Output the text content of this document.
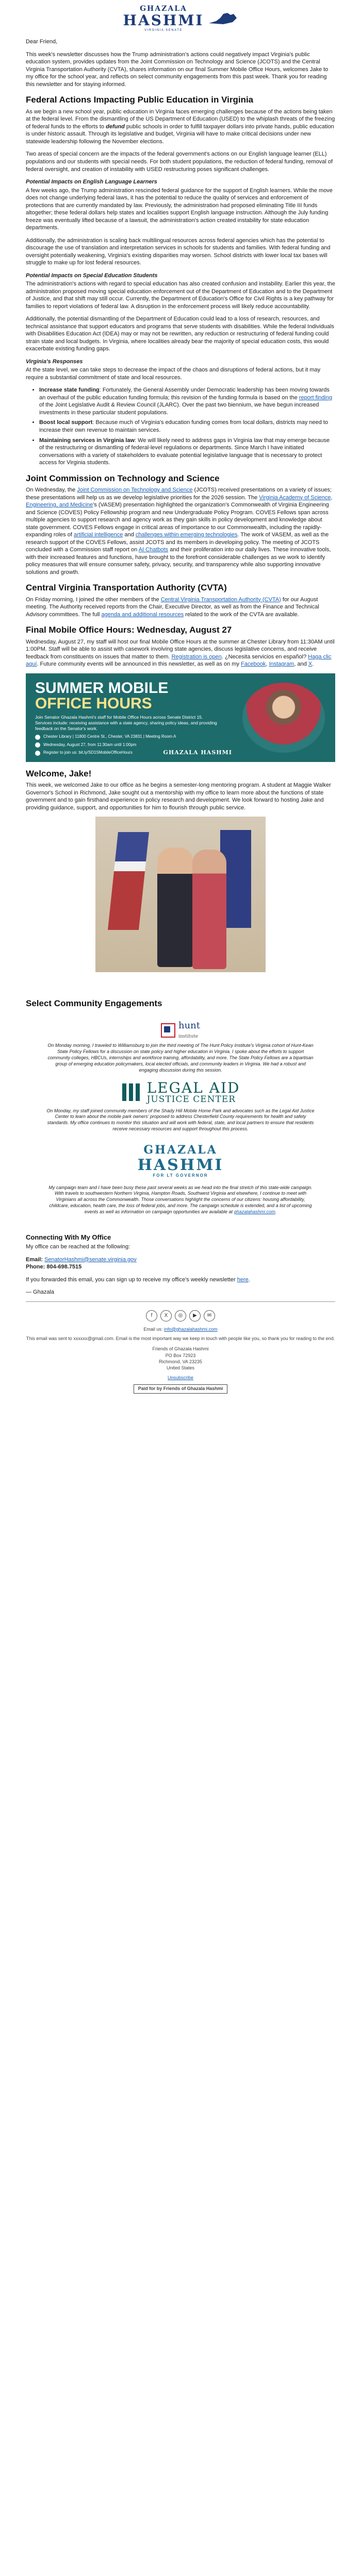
GHAZALA
HASHMI
VIRGINIA SENATE

Dear Friend,

This week's newsletter discusses how the Trump administration's actions could negatively impact Virginia's public education system, provides updates from the Joint Commission on Technology and Science (JCOTS) and the Central Virginia Transportation Authority (CVTA), shares information on our final Summer Mobile Office Hours, welcomes Jake to my office for the school year, and reflects on select community engagements from this past week. Thank you for reading this newsletter and for staying informed.

Federal Actions Impacting Public Education in Virginia

As we begin a new school year, public education in Virginia faces emerging challenges because of the actions being taken at the federal level. From the dismantling of the US Department of Education (USED) to the whiplash threats of the freezing of federal funds to the efforts to defund public schools in order to fulfill taxpayer dollars into private hands, public education is under historic assault. Through its legislative and budget, Virginia will have to make critical decisions under new statewide leadership following the November elections.

Two areas of special concern are the impacts of the federal government's actions on our English language learner (ELL) populations and our students with special needs. For both student populations, the reduction of federal funding, removal of federal oversight, and creation of instability with USED restructuring poses significant challenges.

Potential Impacts on English Language Learners

A few weeks ago, the Trump administration rescinded federal guidance for the support of English learners. While the move does not change underlying federal laws, it has the potential to reduce the quality of services and enforcement of protections that are currently mandated by law. Previously, the administration had proposed eliminating Title III funds altogether; these federal dollars help states and localities support English language instruction. Although the July funding freeze was eventually lifted because of a lawsuit, the administration's action created instability for state education departments.

Additionally, the administration is scaling back multilingual resources across federal agencies which has the potential to discourage the use of translation and interpretation services in schools for students and families. With federal funding and oversight potentially weakening, Virginia's existing disparities may worsen. School districts with lower local tax bases will struggle to make up for lost federal resources.

Potential Impacts on Special Education Students

The administration's actions with regard to special education has also created confusion and instability. Earlier this year, the administration proposed moving special education enforcement out of the Department of Education and to the Department of Justice, and that shift may still occur. Currently, the Department of Education's Office for Civil Rights is a key pathway for families to report violations of federal law. A disruption in the enforcement process will likely reduce accountability.

Additionally, the potential dismantling of the Department of Education could lead to a loss of research, resources, and technical assistance that support educators and programs that serve students with disabilities. While the federal Individuals with Disabilities Education Act (IDEA) may or may not be rewritten, any reduction or restructuring of federal funding could strain state and local budgets. In Virginia, where localities already bear the majority of special education costs, this would exacerbate existing funding gaps.

Virginia's Responses

At the state level, we can take steps to decrease the impact of the chaos and disruptions of federal actions, but it may require a substantial commitment of state and local resources.

• Increase state funding: Fortunately, the General Assembly under Democratic leadership has been moving towards an overhaul of the public education funding formula; this revision of the funding formula is based on the report finding of the Joint Legislative Audit & Review Council (JLARC). Over the past two biennium, we have begun increased investments in these particular student populations.
• Boost local support: Because much of Virginia's education funding comes from local dollars, districts may need to increase their own revenue to maintain services.
• Maintaining services in Virginia law: We will likely need to address gaps in Virginia law that may emerge because of the restructuring or dismantling of federal-level regulations or departments. Since March I have initiated conversations with a variety of stakeholders to evaluate potential legislative language that is necessary to protect access for Virginia students.
Joint Commission on Technology and Science

On Wednesday, the Joint Commission on Technology and Science (JCOTS) received presentations on a variety of issues; these presentations will help us as we develop legislative priorities for the 2026 session. The Virginia Academy of Science, Engineering, and Medicine's (VASEM) presentation highlighted the organization's Commonwealth of Virginia Engineering and Science (COVES) Policy Fellowship program and new Undergraduate Policy Program. COVES Fellows span across multiple agencies to support research and agency work as they gain skills in policy development and knowledge about state government. COVES Fellows engage in critical areas of importance to our Commonwealth, including the rapidly-expanding roles of artificial intelligence and challenges within emerging technologies. The work of VASEM, as well as the research support of the COVES Fellows, assist JCOTS and its members in developing policy. The meeting of JCOTS concluded with a Commission staff report on AI Chatbots and their proliferation into our daily lives. These innovative tools, with their increased features and functions, have brought to the forefront considerable challenges as we work to identify policy measures that will ensure consumer safety, privacy, security, and transparency while also supporting innovative solutions and growth.

Central Virginia Transportation Authority (CVTA)

On Friday morning, I joined the other members of the Central Virginia Transportation Authority (CVTA) for our August meeting. The Authority received reports from the Chair, Executive Director, as well as from the Finance and Technical Advisory committees. The full agenda and additional resources related to the work of the CVTA are available.

Final Mobile Office Hours: Wednesday, August 27

Wednesday, August 27, my staff will host our final Mobile Office Hours at the summer at Chester Library from 11:30AM until 1:00PM. Staff will be able to assist with casework involving state agencies, discuss legislative concerns, and receive feedback from constituents on issues that matter to them. Registration is open. ¿Necesita servicios en español? Haga clic aquí. Future community events will be announced in this newsletter, as well as on my Facebook, Instagram, and X.

SUMMER MOBILE
OFFICE HOURS
Join Senator Ghazala Hashmi's staff for Mobile Office Hours across Senate District 15. Services include: receiving assistance with a state agency, sharing policy ideas, and providing feedback on the Senator's work.
Chester Library | 11800 Centre St., Chester, VA 23831 | Meeting Room A
Wednesday, August 27, from 11:30am until 1:00pm
Register to join us: bit.ly/SD15MobileOfficeHours	GHAZALA HASHMI
Welcome, Jake!

This week, we welcomed Jake to our office as he begins a semester-long mentoring program. A student at Maggie Walker Governor's School in Richmond, Jake sought out a mentorship with my office to learn more about the functions of state government and to gain firsthand experience in policy research and development. We look forward to hosting Jake and providing guidance, support, and opportunities for him to flourish through public service.

Select Community Engagements
hunt
institute

On Monday morning, I traveled to Williamsburg to join the third meeting of The Hunt Policy Institute's Virginia cohort of Hunt-Kean State Policy Fellows for a discussion on state policy and higher education in Virginia. I spoke about the efforts to support community colleges, HBCUs, internships and workforce training, affordability, and more. The State Policy Fellows are a bipartisan group of emerging education policymakers, local elected officials, and community leaders in Virginia. We had a robust and engaging discussion during this session.

LEGAL AID
JUSTICE CENTER

On Monday, my staff joined community members of the Shady Hill Mobile Home Park and advocates such as the Legal Aid Justice Center to learn about the mobile park owners' proposed to address Chesterfield County requirements for health and safety standards. My office continues to monitor this situation and will work with federal, state, and local partners to ensure that residents receive necessary resources and support throughout this process.

GHAZALA
HASHMI
FOR LT GOVERNOR

My campaign team and I have been busy these past several weeks as we head into the final stretch of this state-wide campaign. With travels to southwestern Northern Virginia, Hampton Roads, Southwest Virginia and elsewhere, I continue to meet with Virginians all across the Commonwealth. Those conversations highlight the concerns of our citizens: housing affordability, childcare, education, health care, the loss of federal jobs, and more. The campaign schedule is extended, and a list of upcoming events as well as information on campaign opportunities are available at ghazalahashmi.com.

Connecting With My Office

My office can be reached at the following:

Email: SenatorHashmi@senate.virginia.gov
Phone: 804-698.7515

If you forwarded this email, you can sign up to receive my office's weekly newsletter here.

— Ghazala

f	X	◎	▶	✉

Email us: info@ghazalahashmi.com

This email was sent to xxxxxx@gmail.com. Email is the most important way we keep in touch with people like you, so thank you for reading to the end.

Friends of Ghazala Hashmi
PO Box 72923
Richmond, VA 23235
United States

Unsubscribe

Paid for by Friends of Ghazala Hashmi
